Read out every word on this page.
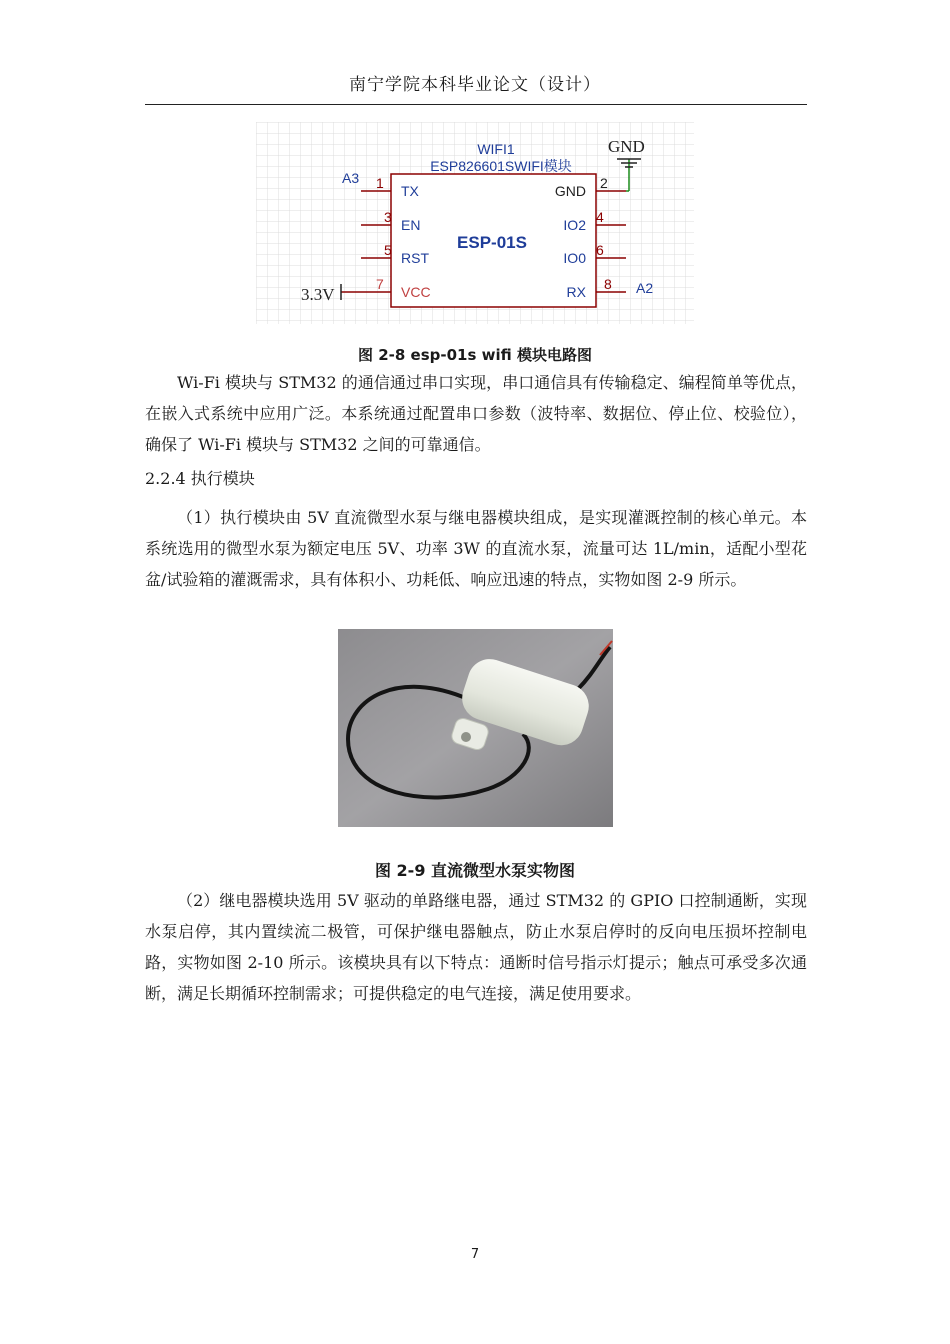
南宁学院本科毕业论文（设计）
WIFI1
ESP826601SWIFI模块
ESP-01S
1
3
5
7
TX
EN
RST
VCC
2
4
6
8
GND
IO2
IO0
RX
A3
A2
3.3V
GND
图 2-8 esp-01s wifi 模块电路图

Wi-Fi 模块与 STM32 的通信通过串口实现，串口通信具有传输稳定、编程简单等优点，在嵌入式系统中应用广泛。本系统通过配置串口参数（波特率、数据位、停止位、校验位），确保了 Wi-Fi 模块与 STM32 之间的可靠通信。

2.2.4 执行模块

（1）执行模块由 5V 直流微型水泵与继电器模块组成，是实现灌溉控制的核心单元。本系统选用的微型水泵为额定电压 5V、功率 3W 的直流水泵，流量可达 1L/min，适配小型花盆/试验箱的灌溉需求，具有体积小、功耗低、响应迅速的特点，实物如图 2-9 所示。

图 2-9 直流微型水泵实物图

（2）继电器模块选用 5V 驱动的单路继电器，通过 STM32 的 GPIO 口控制通断，实现水泵启停，其内置续流二极管，可保护继电器触点，防止水泵启停时的反向电压损坏控制电路，实物如图 2-10 所示。该模块具有以下特点：通断时信号指示灯提示；触点可承受多次通断，满足长期循环控制需求；可提供稳定的电气连接，满足使用要求。

7
